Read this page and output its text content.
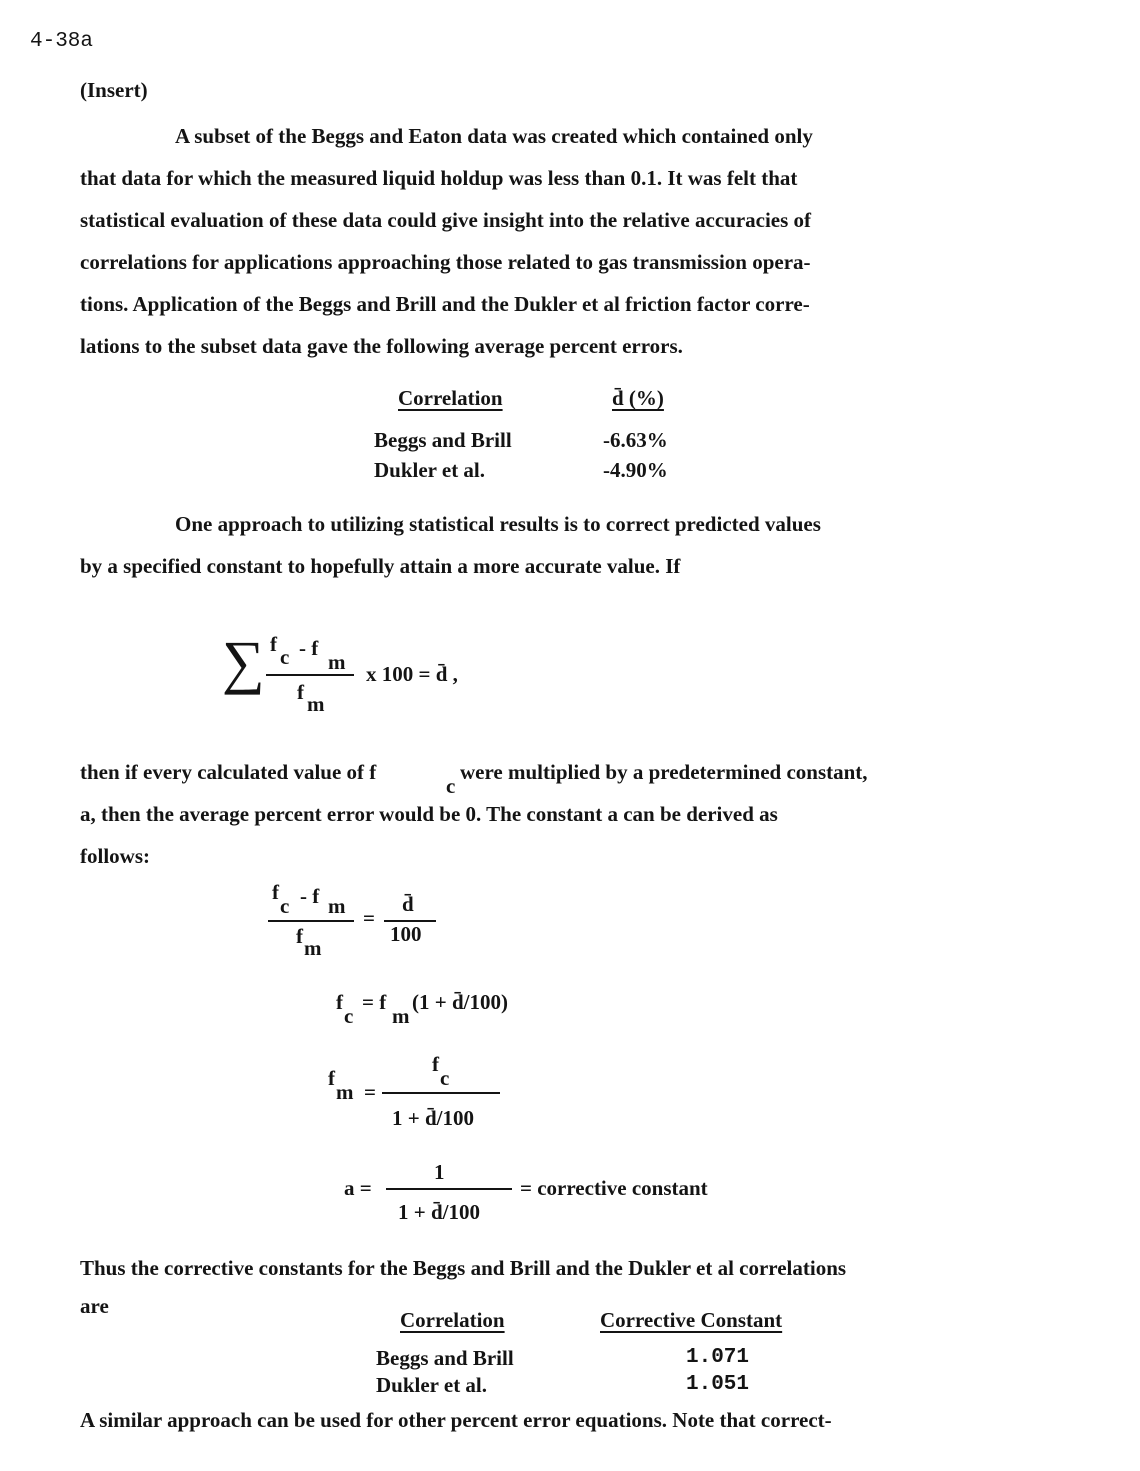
4-38a
(Insert)
A subset of the Beggs and Eaton data was created which contained only
that data for which the measured liquid holdup was less than 0.1. It was felt that
statistical evaluation of these data could give insight into the relative accuracies of
correlations for applications approaching those related to gas transmission opera-
tions. Application of the Beggs and Brill and the Dukler et al friction factor corre-
lations to the subset data gave the following average percent errors.
Correlation	d̄ (%)
Beggs and Brill	-6.63%
Dukler et al.	-4.90%
One approach to utilizing statistical results is to correct predicted values
by a specified constant to hopefully attain a more accurate value. If
∑ f
c - f
m
f m
x 100 = d̄ ,
then if every calculated value of f
c
were multiplied by a predetermined constant,
a, then the average percent error would be 0. The constant a can be derived as
follows:
f
c - f m
f m
=
d̄
100
f
c
= f
m
(1 + d̄/100)
f
m =
f
c
1 + d̄/100
a =
1
1 + d̄/100
= corrective constant
Thus the corrective constants for the Beggs and Brill and the Dukler et al correlations
are
Correlation	Corrective Constant
Beggs and Brill	1.071
Dukler et al.	1.051
A similar approach can be used for other percent error equations. Note that correct-
